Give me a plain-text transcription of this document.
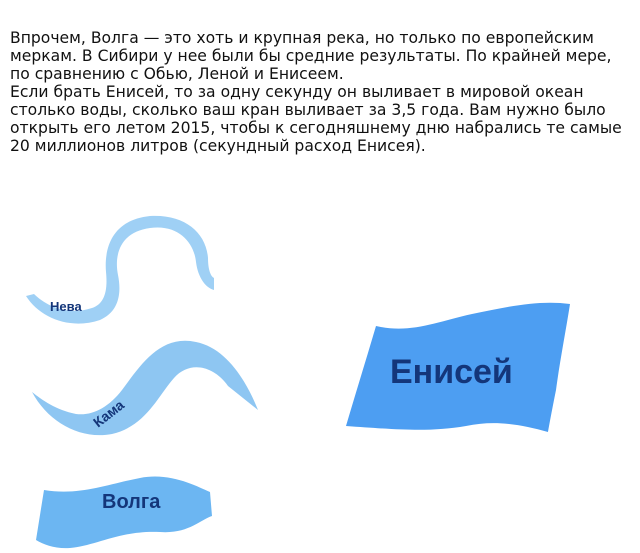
Впрочем, Волга — это хоть и крупная река, но только по европейским меркам. В Сибири у нее были бы средние результаты. По крайней мере, по сравнению с Обью, Леной и Енисеем.

Если брать Енисей, то за одну секунду он выливает в мировой океан столько воды, сколько ваш кран выливает за 3,5 года. Вам нужно было открыть его летом 2015, чтобы к сегодняшнему дню набрались те самые 20 миллионов литров (секундный расход Енисея).

Нева
Кама
Волга
Енисей
